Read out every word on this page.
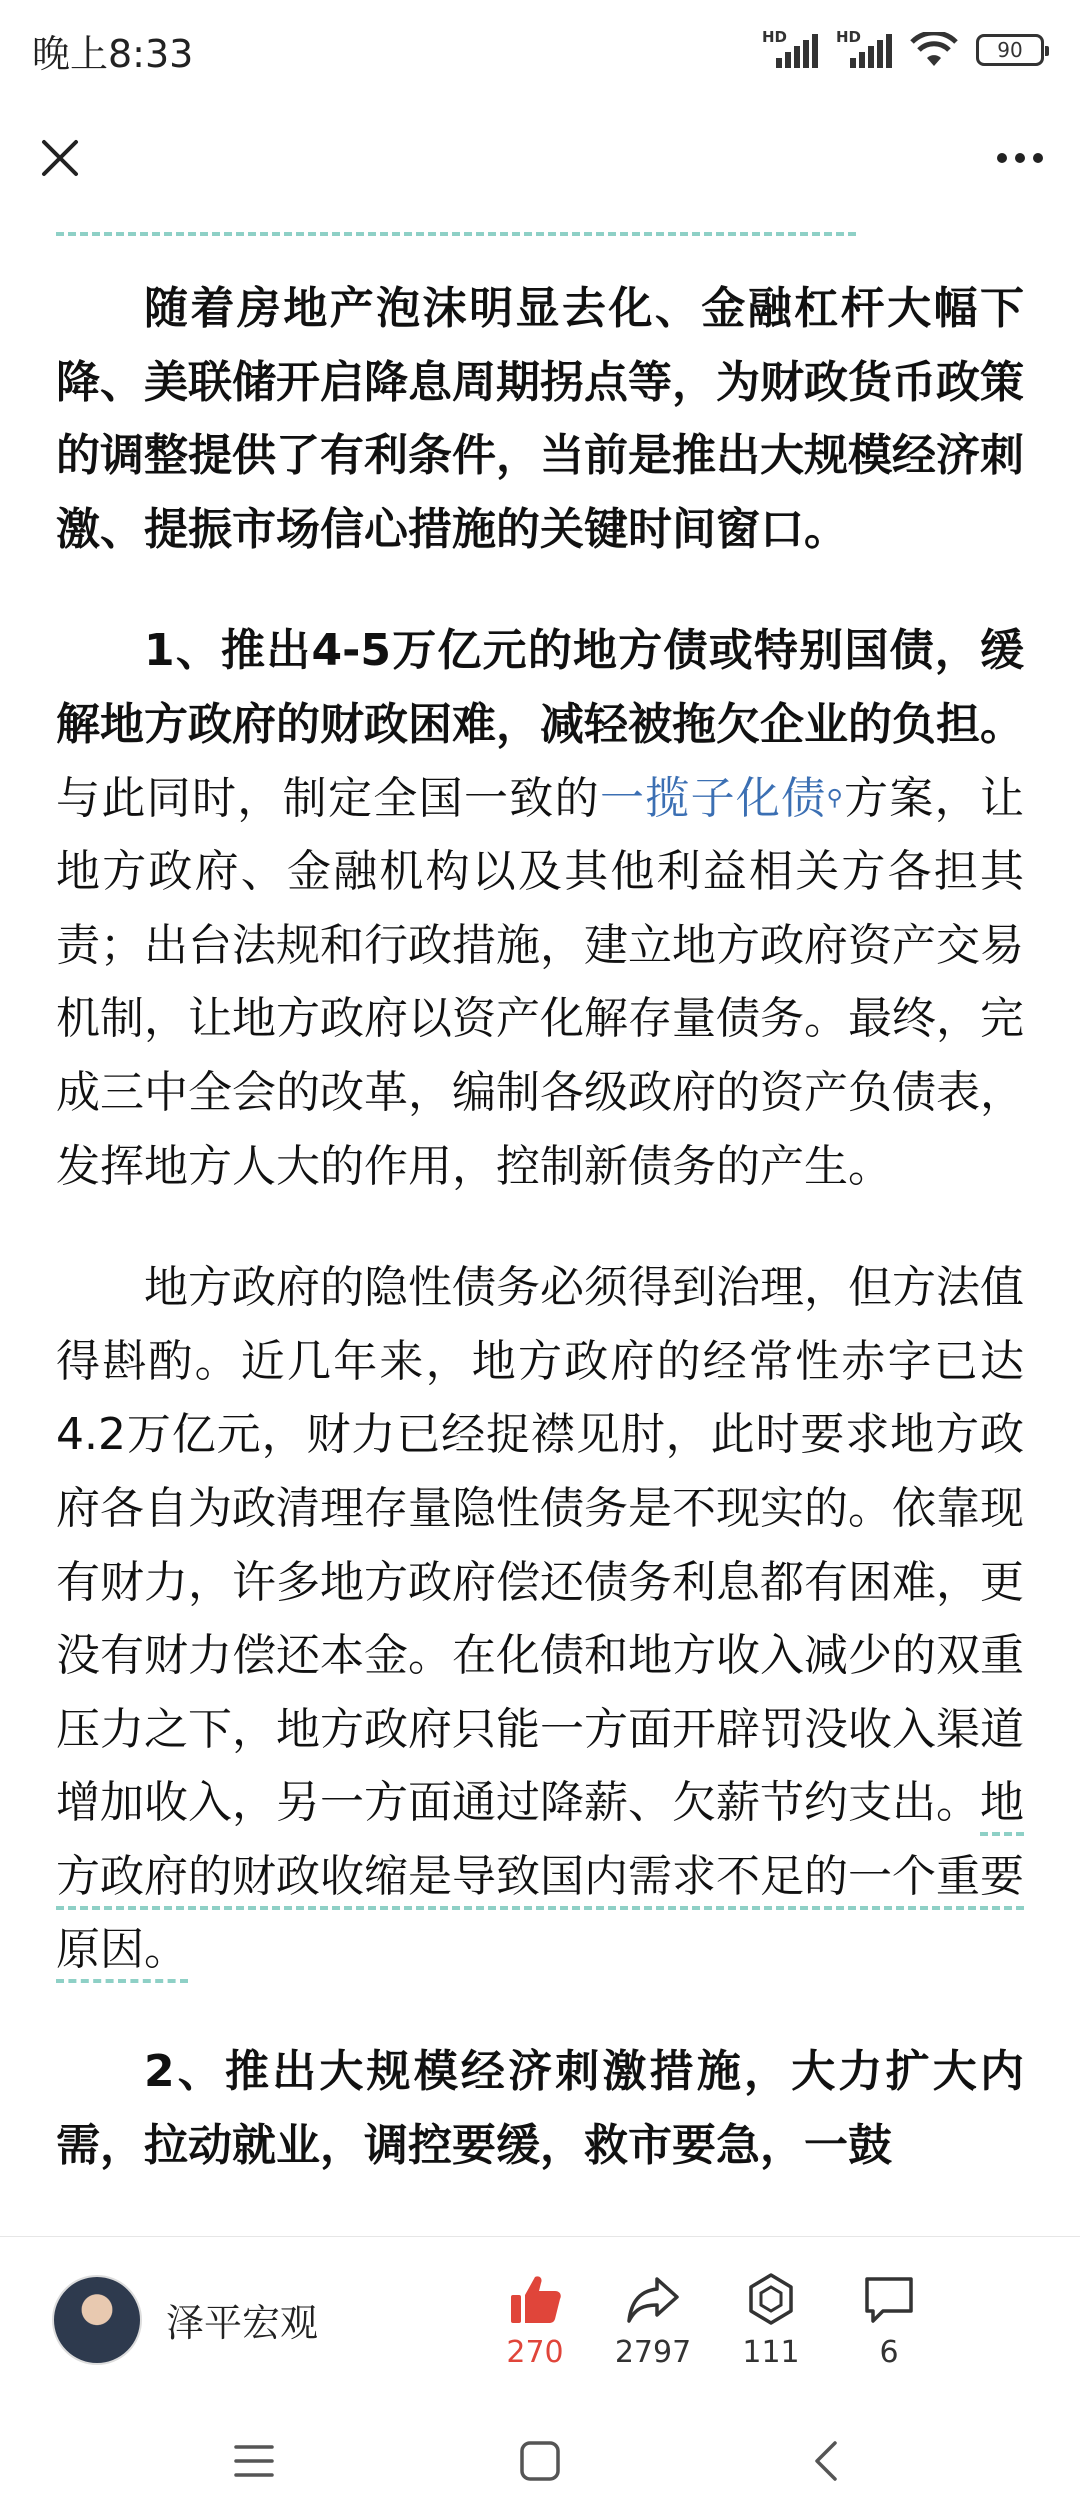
晚上8:33	HD	HD
90

随着房地产泡沫明显去化、金融杠杆大幅下降、美联储开启降息周期拐点等，为财政货币政策的调整提供了有利条件，当前是推出大规模经济刺激、提振市场信心措施的关键时间窗口。

1、推出4-5万亿元的地方债或特别国债，缓解地方政府的财政困难，减轻被拖欠企业的负担。与此同时，制定全国一致的一揽子化债⚲方案，让地方政府、金融机构以及其他利益相关方各担其责；出台法规和行政措施，建立地方政府资产交易机制，让地方政府以资产化解存量债务。最终，完成三中全会的改革，编制各级政府的资产负债表，发挥地方人大的作用，控制新债务的产生。

地方政府的隐性债务必须得到治理，但方法值得斟酌。近几年来，地方政府的经常性赤字已达4.2万亿元，财力已经捉襟见肘，此时要求地方政府各自为政清理存量隐性债务是不现实的。依靠现有财力，许多地方政府偿还债务利息都有困难，更没有财力偿还本金。在化债和地方收入减少的双重压力之下，地方政府只能一方面开辟罚没收入渠道增加收入，另一方面通过降薪、欠薪节约支出。地方政府的财政收缩是导致国内需求不足的一个重要原因。

2、推出大规模经济刺激措施，大力扩大内需，拉动就业，调控要缓，救市要急，一鼓

泽平宏观
270 2797 111	6
